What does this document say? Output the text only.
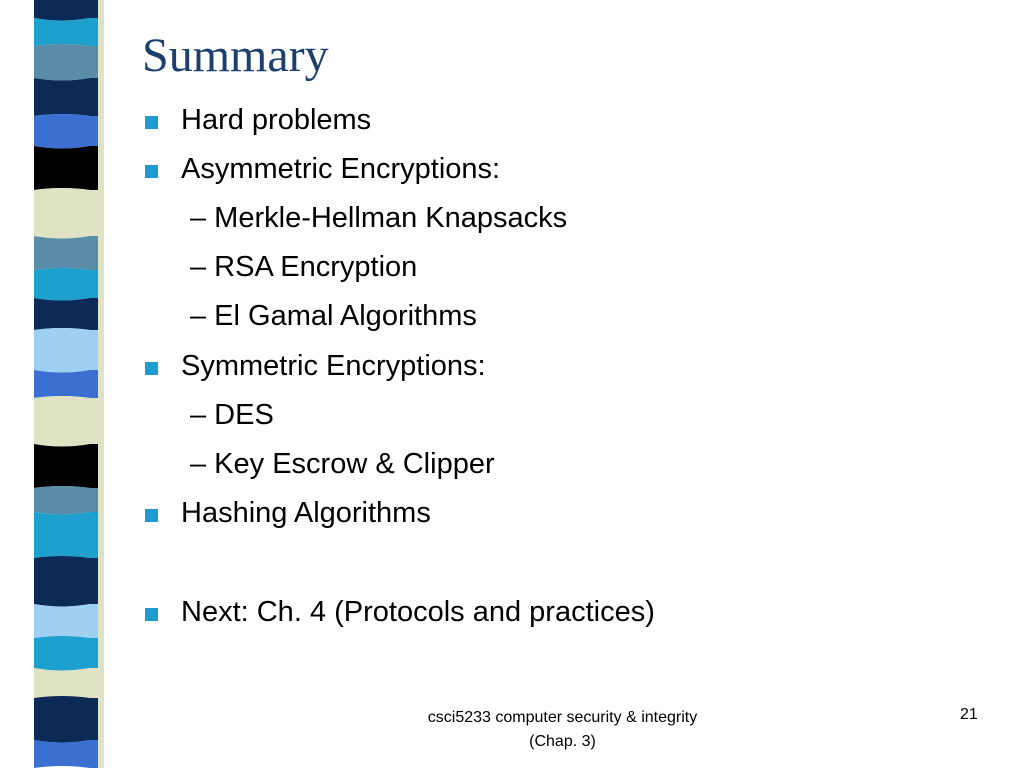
Summary
Hard problems
Asymmetric Encryptions:
– Merkle-Hellman Knapsacks
– RSA Encryption
– El Gamal Algorithms
Symmetric Encryptions:
– DES
– Key Escrow & Clipper
Hashing Algorithms
Next: Ch. 4 (Protocols and practices)
csci5233 computer security & integrity (Chap. 3)
21
